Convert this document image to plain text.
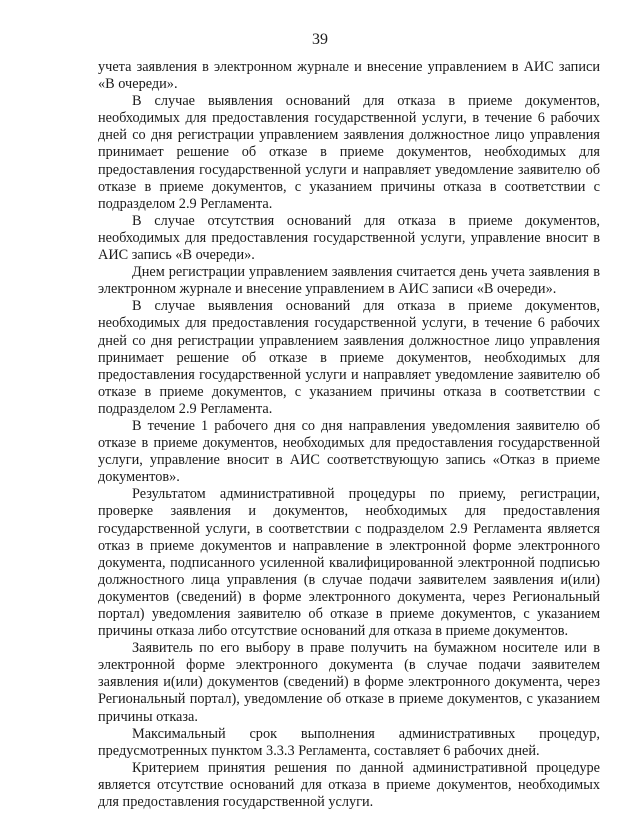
39

учета заявления в электронном журнале и внесение управлением в АИС записи «В очереди».

В случае выявления оснований для отказа в приеме документов, необходимых для предоставления государственной услуги, в течение 6 рабочих дней со дня регистрации управлением заявления должностное лицо управления принимает решение об отказе в приеме документов, необходимых для предоставления государственной услуги и направляет уведомление заявителю об отказе в приеме документов, с указанием причины отказа в соответствии с подразделом 2.9 Регламента.

В случае отсутствия оснований для отказа в приеме документов, необходимых для предоставления государственной услуги, управление вносит в АИС запись «В очереди».

Днем регистрации управлением заявления считается день учета заявления в электронном журнале и внесение управлением в АИС записи «В очереди».

В случае выявления оснований для отказа в приеме документов, необходимых для предоставления государственной услуги, в течение 6 рабочих дней со дня регистрации управлением заявления должностное лицо управления принимает решение об отказе в приеме документов, необходимых для предоставления государственной услуги и направляет уведомление заявителю об отказе в приеме документов, с указанием причины отказа в соответствии с подразделом 2.9 Регламента.

В течение 1 рабочего дня со дня направления уведомления заявителю об отказе в приеме документов, необходимых для предоставления государственной услуги, управление вносит в АИС соответствующую запись «Отказ в приеме документов».

Результатом административной процедуры по приему, регистрации, проверке заявления и документов, необходимых для предоставления государственной услуги, в соответствии с подразделом 2.9 Регламента является отказ в приеме документов и направление в электронной форме электронного документа, подписанного усиленной квалифицированной электронной подписью должностного лица управления (в случае подачи заявителем заявления и(или) документов (сведений) в форме электронного документа, через Региональный портал) уведомления заявителю об отказе в приеме документов, с указанием причины отказа либо отсутствие оснований для отказа в приеме документов.

Заявитель по его выбору в праве получить на бумажном носителе или в электронной форме электронного документа (в случае подачи заявителем заявления и(или) документов (сведений) в форме электронного документа, через Региональный портал), уведомление об отказе в приеме документов, с указанием причины отказа.

Максимальный срок выполнения административных процедур, предусмотренных пунктом 3.3.3 Регламента, составляет 6 рабочих дней.

Критерием принятия решения по данной административной процедуре является отсутствие оснований для отказа в приеме документов, необходимых для предоставления государственной услуги.
